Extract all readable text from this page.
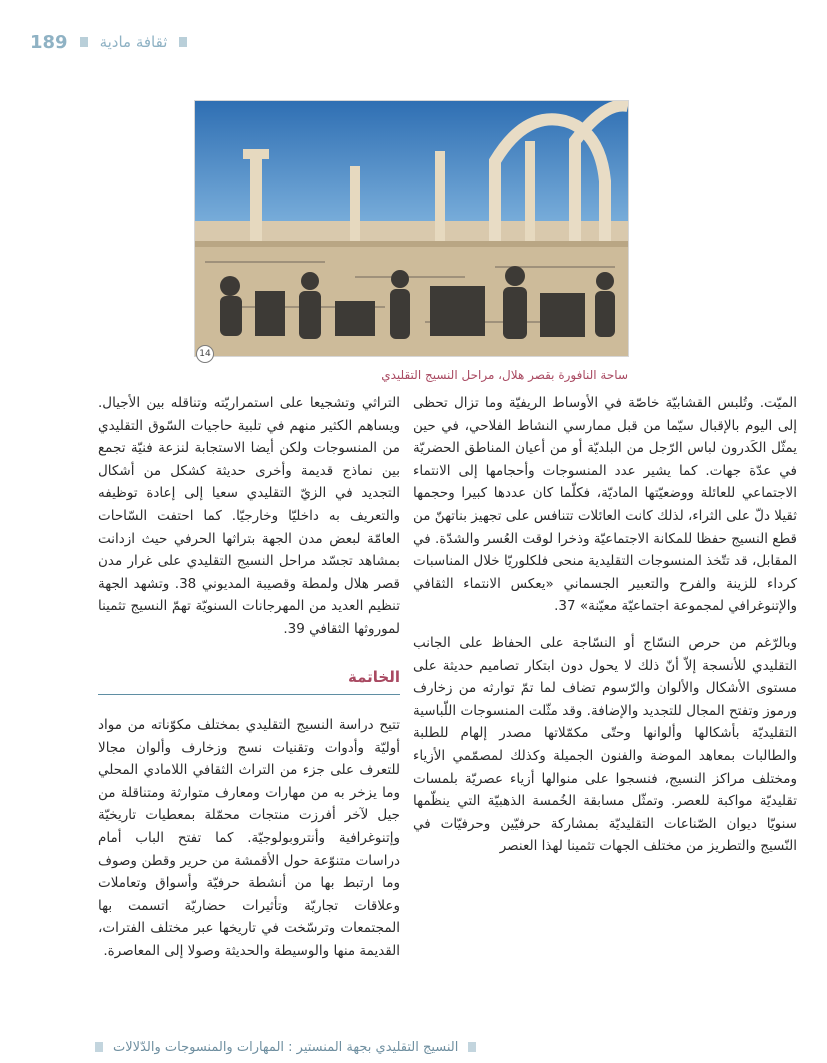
189 ثقافة مادية
14
ساحة النافورة بقصر هلال، مراحل النسيج التقليدي

الميّت. وتُلبس القشابيّة خاصّة في الأوساط الريفيّة وما تزال تحظى إلى اليوم بالإقبال سيّما من قبل ممارسي النشاط الفلاحي، في حين يمثّل الكَدرون لباس الرّجل من البلديّة أو من أعيان المناطق الحضريّة في عدّة جهات. كما يشير عدد المنسوجات وأحجامها إلى الانتماء الاجتماعي للعائلة ووضعيّتها الماديّة، فكلّما كان عددها كبيرا وحجمها ثقيلا دلّ على الثراء، لذلك كانت العائلات تتنافس على تجهيز بناتهنّ من قطع النسيج حفظا للمكانة الاجتماعيّة وذخرا لوقت العُسر والشدّة. في المقابل، قد تتّخذ المنسوجات التقليدية منحى فلكلوريّا خلال المناسبات كرداء للزينة والفرح والتعبير الجسماني «يعكس الانتماء الثقافي والإتنوغرافي لمجموعة اجتماعيّة معيّنة» 37.

وبالرّغم من حرص النسّاج أو النسّاجة على الحفاظ على الجانب التقليدي للأنسجة إلاّ أنّ ذلك لا يحول دون ابتكار تصاميم حديثة على مستوى الأشكال والألوان والرّسوم تضاف لما تمّ توارثه من زخارف ورموز وتفتح المجال للتجديد والإضافة. وقد مثّلت المنسوجات اللّباسية التقليديّة بأشكالها وألوانها وحتّى مكمّلاتها مصدر إلهام للطلبة والطالبات بمعاهد الموضة والفنون الجميلة وكذلك لمصمّمي الأزياء ومختلف مراكز النسيج، فنسجوا على منوالها أزياء عصريّة بلمسات تقليديّة مواكبة للعصر. وتمثّل مسابقة الخُمسة الذهبيّة التي ينظّمها سنويّا ديوان الصّناعات التقليديّة بمشاركة حرفيّين وحرفيّات في النّسيج والتطريز من مختلف الجهات تثمينا لهذا العنصر

التراثي وتشجيعا على استمراريّته وتناقله بين الأجيال. ويساهم الكثير منهم في تلبية حاجيات السّوق التقليدي من المنسوجات ولكن أيضا الاستجابة لنزعة فنيّة تجمع بين نماذج قديمة وأخرى حديثة كشكل من أشكال التجديد في الزيّ التقليدي سعيا إلى إعادة توظيفه والتعريف به داخليّا وخارجيّا. كما احتفت السّاحات العامّة لبعض مدن الجهة بتراثها الحرفي حيث ازدانت بمشاهد تجسّد مراحل النسيج التقليدي على غرار مدن قصر هلال ولمطة وقصيبة المديوني 38. وتشهد الجهة تنظيم العديد من المهرجانات السنويّة تهمّ النسيج تثمينا لموروثها الثقافي 39.

الخاتمة

تتيح دراسة النسيج التقليدي بمختلف مكوّناته من مواد أوليّة وأدوات وتقنيات نسج وزخارف وألوان مجالا للتعرف على جزء من التراث الثقافي اللامادي المحلي وما يزخر به من مهارات ومعارف متوارثة ومتناقلة من جيل لآخر أفرزت منتجات محمّلة بمعطيات تاريخيّة وإتنوغرافية وأنتروبولوجيّة. كما تفتح الباب أمام دراسات متنوّعة حول الأقمشة من حرير وقطن وصوف وما ارتبط بها من أنشطة حرفيّة وأسواق وتعاملات وعلاقات تجاريّة وتأثيرات حضاريّة اتسمت بها المجتمعات وترسّخت في تاريخها عبر مختلف الفترات، القديمة منها والوسيطة والحديثة وصولا إلى المعاصرة.

النسيج التقليدي بجهة المنستير : المهارات والمنسوجات والدّلالات
